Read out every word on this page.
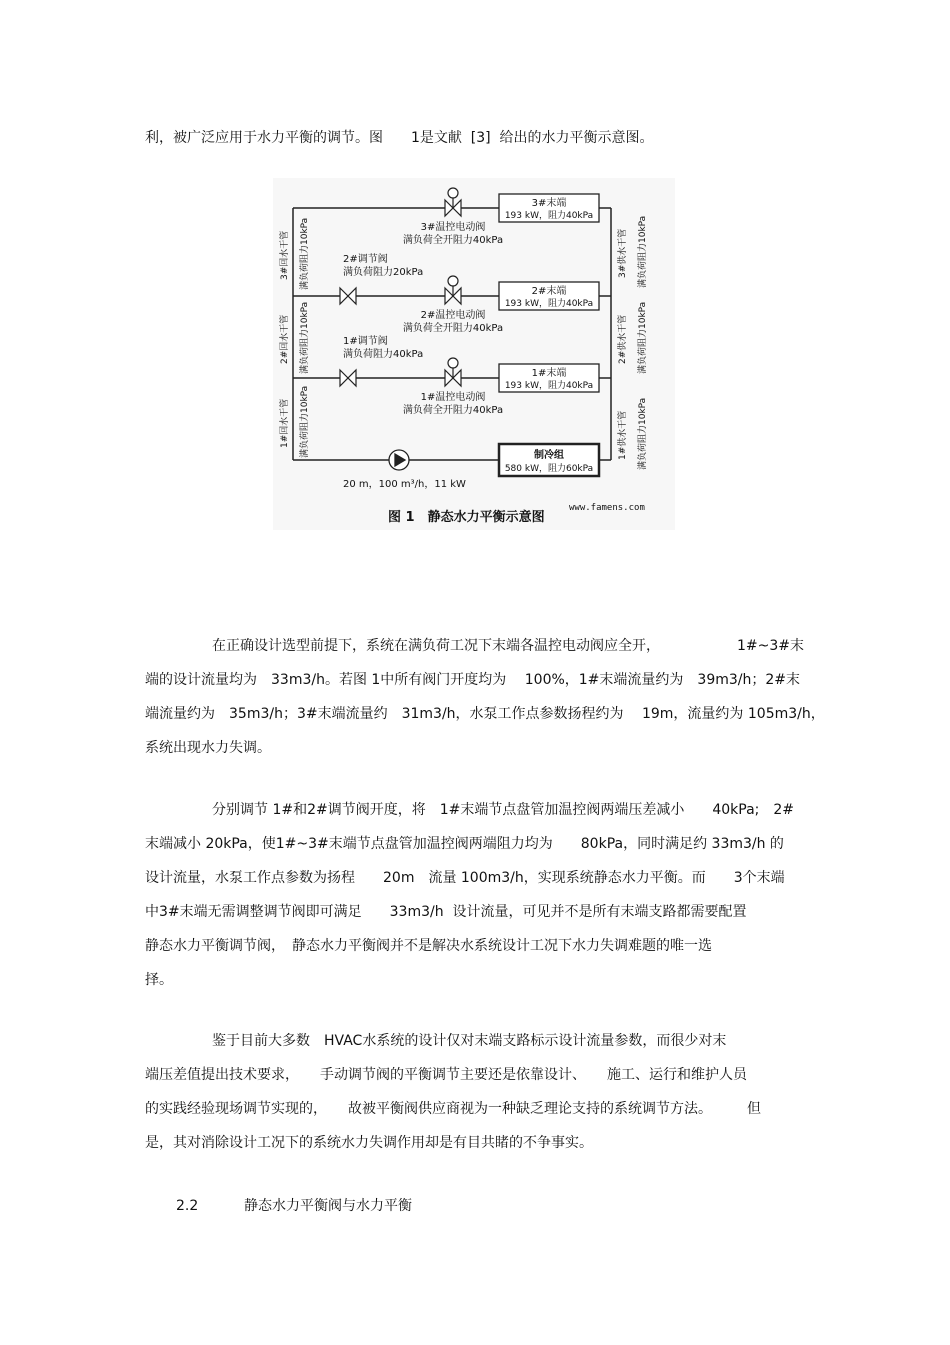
利，被广泛应用于水力平衡的调节。图　　1是文献  [3]  给出的水力平衡示意图。
3#末端
193 kW，阻力40kPa
2#末端
193 kW，阻力40kPa
1#末端
193 kW，阻力40kPa
制冷组
580 kW，阻力60kPa
3#温控电动阀
满负荷全开阻力40kPa
2#温控电动阀
满负荷全开阻力40kPa
1#温控电动阀
满负荷全开阻力40kPa
2#调节阀
满负荷阻力20kPa
1#调节阀
满负荷阻力40kPa
20 m，100 m³/h，11 kW
3#回水干管 满负荷阻力10kPa
2#回水干管 满负荷阻力10kPa
1#回水干管 满负荷阻力10kPa
3#供水干管 满负荷阻力10kPa
2#供水干管 满负荷阻力10kPa
1#供水干管 满负荷阻力10kPa
图 1　静态水力平衡示意图
www.famens.com
在正确设计选型前提下，系统在满负荷工况下末端各温控电动阀应全开，　　　　　　1#~3#末
端的设计流量均为　33m3/h。若图 1中所有阀门开度均为　 100%，1#末端流量约为　39m3/h；2#末
端流量约为　35m3/h；3#末端流量约　31m3/h，水泵工作点参数扬程约为　 19m，流量约为 105m3/h，
系统出现水力失调。
分别调节 1#和2#调节阀开度，将　1#末端节点盘管加温控阀两端压差减小　　40kPa;　2#
末端减小 20kPa，使1#~3#末端节点盘管加温控阀两端阻力均为　　80kPa，同时满足约 33m3/h 的
设计流量，水泵工作点参数为扬程　　20m　流量 100m3/h，实现系统静态水力平衡。而　　3个末端
中3#末端无需调整调节阀即可满足　　33m3/h  设计流量，可见并不是所有末端支路都需要配置
静态水力平衡调节阀，　静态水力平衡阀并不是解决水系统设计工况下水力失调难题的唯一选
择。
鉴于目前大多数　HVAC水系统的设计仅对末端支路标示设计流量参数，而很少对末
端压差值提出技术要求，　　手动调节阀的平衡调节主要还是依靠设计、　　施工、运行和维护人员
的实践经验现场调节实现的，　　故被平衡阀供应商视为一种缺乏理论支持的系统调节方法。　　　但
是，其对消除设计工况下的系统水力失调作用却是有目共睹的不争事实。
2.2	静态水力平衡阀与水力平衡
